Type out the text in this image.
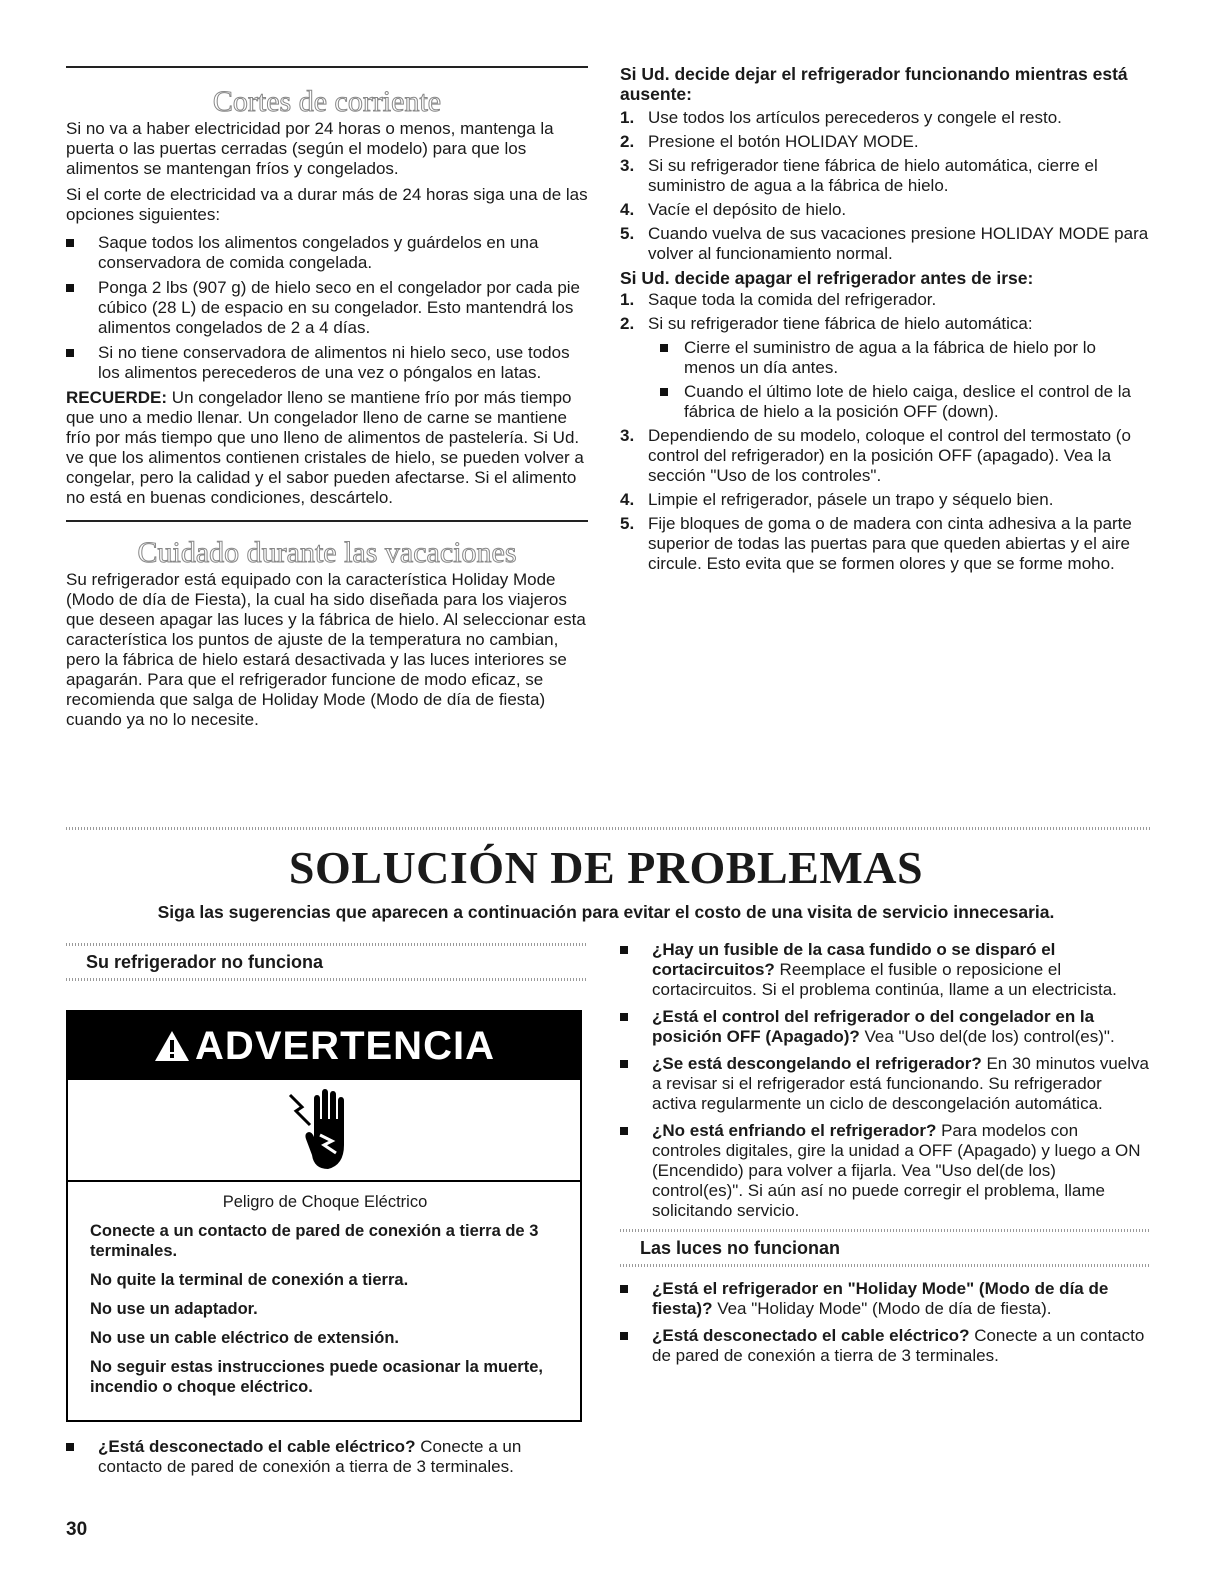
Cortes de corriente

Si no va a haber electricidad por 24 horas o menos, mantenga la puerta o las puertas cerradas (según el modelo) para que los alimentos se mantengan fríos y congelados.

Si el corte de electricidad va a durar más de 24 horas siga una de las opciones siguientes:

Saque todos los alimentos congelados y guárdelos en una conservadora de comida congelada.
Ponga 2 lbs (907 g) de hielo seco en el congelador por cada pie cúbico (28 L) de espacio en su congelador. Esto mantendrá los alimentos congelados de 2 a 4 días.
Si no tiene conservadora de alimentos ni hielo seco, use todos los alimentos perecederos de una vez o póngalos en latas.

RECUERDE: Un congelador lleno se mantiene frío por más tiempo que uno a medio llenar. Un congelador lleno de carne se mantiene frío por más tiempo que uno lleno de alimentos de pastelería. Si Ud. ve que los alimentos contienen cristales de hielo, se pueden volver a congelar, pero la calidad y el sabor pueden afectarse. Si el alimento no está en buenas condiciones, descártelo.

Cuidado durante las vacaciones

Su refrigerador está equipado con la característica Holiday Mode (Modo de día de Fiesta), la cual ha sido diseñada para los viajeros que deseen apagar las luces y la fábrica de hielo. Al seleccionar esta característica los puntos de ajuste de la temperatura no cambian, pero la fábrica de hielo estará desactivada y las luces interiores se apagarán. Para que el refrigerador funcione de modo eficaz, se recomienda que salga de Holiday Mode (Modo de día de fiesta) cuando ya no lo necesite.

Si Ud. decide dejar el refrigerador funcionando mientras está ausente:

1. Use todos los artículos perecederos y congele el resto.
2. Presione el botón HOLIDAY MODE.
3. Si su refrigerador tiene fábrica de hielo automática, cierre el suministro de agua a la fábrica de hielo.
4. Vacíe el depósito de hielo.
5. Cuando vuelva de sus vacaciones presione HOLIDAY MODE para volver al funcionamiento normal.

Si Ud. decide apagar el refrigerador antes de irse:

1. Saque toda la comida del refrigerador.
2. Si su refrigerador tiene fábrica de hielo automática:
Cierre el suministro de agua a la fábrica de hielo por lo menos un día antes.
Cuando el último lote de hielo caiga, deslice el control de la fábrica de hielo a la posición OFF (down).
3. Dependiendo de su modelo, coloque el control del termostato (o control del refrigerador) en la posición OFF (apagado). Vea la sección "Uso de los controles".
4. Limpie el refrigerador, pásele un trapo y séquelo bien.
5. Fije bloques de goma o de madera con cinta adhesiva a la parte superior de todas las puertas para que queden abiertas y el aire circule. Esto evita que se formen olores y que se forme moho.
SOLUCIÓN DE PROBLEMAS
Siga las sugerencias que aparecen a continuación para evitar el costo de una visita de servicio innecesaria.
Su refrigerador no funciona
ADVERTENCIA

Peligro de Choque Eléctrico

Conecte a un contacto de pared de conexión a tierra de 3 terminales.

No quite la terminal de conexión a tierra.

No use un adaptador.

No use un cable eléctrico de extensión.

No seguir estas instrucciones puede ocasionar la muerte, incendio o choque eléctrico.

¿Está desconectado el cable eléctrico? Conecte a un contacto de pared de conexión a tierra de 3 terminales.
¿Hay un fusible de la casa fundido o se disparó el cortacircuitos? Reemplace el fusible o reposicione el cortacircuitos. Si el problema continúa, llame a un electricista.
¿Está el control del refrigerador o del congelador en la posición OFF (Apagado)? Vea "Uso del(de los) control(es)".
¿Se está descongelando el refrigerador? En 30 minutos vuelva a revisar si el refrigerador está funcionando. Su refrigerador activa regularmente un ciclo de descongelación automática.
¿No está enfriando el refrigerador? Para modelos con controles digitales, gire la unidad a OFF (Apagado) y luego a ON (Encendido) para volver a fijarla. Vea "Uso del(de los) control(es)". Si aún así no puede corregir el problema, llame solicitando servicio.
Las luces no funcionan
¿Está el refrigerador en "Holiday Mode" (Modo de día de fiesta)? Vea "Holiday Mode" (Modo de día de fiesta).
¿Está desconectado el cable eléctrico? Conecte a un contacto de pared de conexión a tierra de 3 terminales.
30
